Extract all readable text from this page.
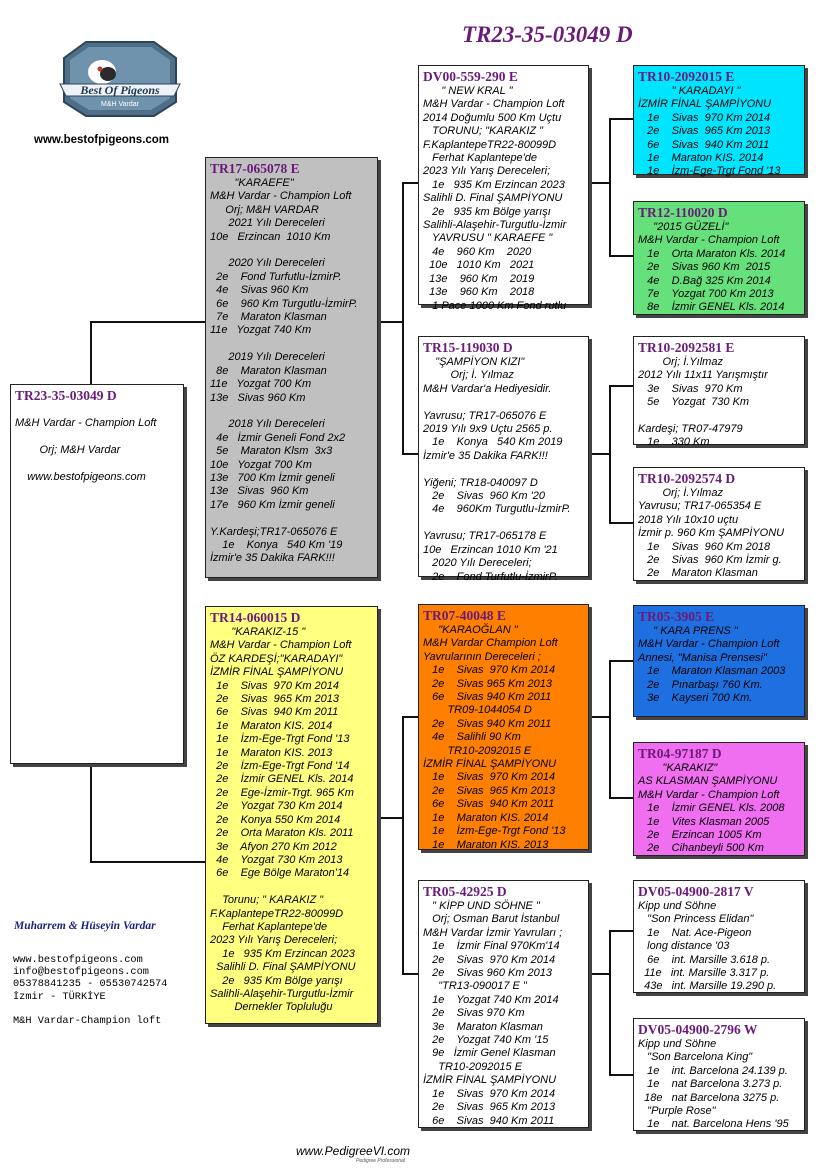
Best Of Pigeons
M&H Vardar
www.bestofpigeons.com
TR23-35-03049 D
TR23-35-03049 D

M&H Vardar - Champion Loft

Orj; M&H Vardar

www.bestofpigeons.com
TR17-065078 E
"KARAEFE"
M&H Vardar - Champion Loft
Orj; M&H VARDAR
2021 Yılı Dereceleri
10e   Erzincan  1010 Km

2020 Yılı Dereceleri
2e    Fond Turfutlu-İzmirP.
4e    Sivas 960 Km
6e    960 Km Turgutlu-İzmirP.
7e    Maraton Klasman
11e   Yozgat 740 Km

2019 Yılı Dereceleri
8e    Maraton Klasman
11e   Yozgat 700 Km
13e   Sivas 960 Km

2018 Yılı Dereceleri
4e   İzmir Geneli Fond 2x2
5e    Maraton Klsm  3x3
10e   Yozgat 700 Km
13e   700 Km İzmir geneli
13e   Sivas  960 Km
17e   960 Km İzmir geneli

Y.Kardeşi;TR17-065076 E
1e    Konya   540 Km '19
İzmir'e 35 Dakika FARK!!!
TR14-060015 D
"KARAKIZ-15 "
M&H Vardar - Champion Loft
ÖZ KARDEŞİ;"KARADAYI"
İZMİR FİNAL ŞAMPİYONU
1e    Sivas  970 Km 2014
2e    Sivas  965 Km 2013
6e    Sivas  940 Km 2011
1e    Maraton KIS. 2014
1e    İzm-Ege-Trgt Fond '13
1e    Maraton KIS. 2013
2e    İzm-Ege-Trgt Fond '14
2e    İzmir GENEL Kls. 2014
2e    Ege-İzmir-Trgt. 965 Km
2e    Yozgat 730 Km 2014
2e    Konya 550 Km 2014
2e    Orta Maraton Kls. 2011
3e    Afyon 270 Km 2012
4e    Yozgat 730 Km 2013
6e    Ege Bölge Maraton'14

Torunu; " KARAKIZ "
F.KaplantepeTR22-80099D
Ferhat Kaplantepe'de
2023 Yılı Yarış Dereceleri;
1e   935 Km Erzincan 2023
Salihli D. Final ŞAMPİYONU
2e   935 Km Bölge yarışı
Salihli-Alaşehir-Turgutlu-İzmir
Dernekler Topluluğu
DV00-559-290 E
" NEW KRAL "
M&H Vardar - Champion Loft
2014 Doğumlu 500 Km Uçtu
TORUNU; "KARAKIZ "
F.KaplantepeTR22-80099D
Ferhat Kaplantepe'de
2023 Yılı Yarış Dereceleri;
1e   935 Km Erzincan 2023
Salihli D. Final ŞAMPİYONU
2e   935 km Bölge yarışı
Salihli-Alaşehir-Turgutlu-İzmir
YAVRUSU " KARAEFE "
4e    960 Km    2020
10e   1010 Km   2021
13e    960 Km    2019
13e    960 Km    2018
1 Pace 1000 Km Fond rutlu
TR15-119030 D
"ŞAMPİYON KIZI"
Orj; İ. Yılmaz
M&H Vardar'a Hediyesidir.

Yavrusu; TR17-065076 E
2019 Yılı 9x9 Uçtu 2565 p.
1e    Konya   540 Km 2019
İzmir'e 35 Dakika FARK!!!

Yiğeni; TR18-040097 D
2e    Sivas  960 Km '20
4e    960Km Turgutlu-İzmirP.

Yavrusu; TR17-065178 E
10e   Erzincan 1010 Km '21
2020 Yılı Dereceleri;
2e    Fond Turfutlu-İzmirP.
TR07-40048 E
"KARAOĞLAN "
M&H Vardar Champion Loft
Yavrularının Dereceleri ;
1e    Sivas  970 Km 2014
2e    Sivas 965 Km 2013
6e    Sivas 940 Km 2011
TR09-1044054 D
2e    Sivas 940 Km 2011
4e    Salihli 90 Km
TR10-2092015 E
İZMİR FİNAL ŞAMPİYONU
1e    Sivas  970 Km 2014
2e    Sivas  965 Km 2013
6e    Sivas  940 Km 2011
1e    Maraton KIS. 2014
1e    İzm-Ege-Trgt Fond '13
1e    Maraton KIS. 2013
TR05-42925 D
" KİPP UND SÖHNE "
Orj; Osman Barut İstanbul
M&H Vardar İzmir Yavruları ;
1e    İzmir Final 970Km'14
2e    Sivas  970 Km 2014
2e    Sivas 960 Km 2013
"TR13-090017 E "
1e    Yozgat 740 Km 2014
2e    Sivas 970 Km
3e    Maraton Klasman
2e    Yozgat 740 Km '15
9e   İzmir Genel Klasman
TR10-2092015 E
İZMİR FİNAL ŞAMPİYONU
1e    Sivas  970 Km 2014
2e    Sivas  965 Km 2013
6e    Sivas  940 Km 2011
TR10-2092015 E
" KARADAYI "
İZMİR FİNAL ŞAMPİYONU
1e    Sivas  970 Km 2014
2e    Sivas  965 Km 2013
6e    Sivas  940 Km 2011
1e    Maraton KIS. 2014
1e    İzm-Ege-Trgt Fond '13
TR12-110020 D
"2015 GÜZELİ"
M&H Vardar - Champion Loft
1e    Orta Maraton Kls. 2014
2e    Sivas 960 Km  2015
4e    D.Bağ 325 Km 2014
7e    Yozgat 700 Km 2013
8e    İzmir GENEL Kls. 2014
TR10-2092581 E
Orj; İ.Yılmaz
2012 Yılı 11x11 Yarışmıştır
3e    Sivas  970 Km
5e    Yozgat  730 Km

Kardeşi; TR07-47979
1e    330 Km
TR10-2092574 D
Orj; İ.Yılmaz
Yavrusu; TR17-065354 E
2018 Yılı 10x10 uçtu
İzmir p. 960 Km ŞAMPİYONU
1e    Sivas  960 Km 2018
2e    Sivas  960 Km İzmir g.
2e    Maraton Klasman
TR05-3905 E
" KARA PRENS "
M&H Vardar - Champion Loft
Annesi, "Manisa Prensesi"
1e    Maraton Klasman 2003
2e    Pınarbaşı 760 Km.
3e    Kayseri 700 Km.
TR04-97187 D
"KARAKIZ"
AS KLASMAN ŞAMPİYONU
M&H Vardar - Champion Loft
1e    İzmir GENEL Kls. 2008
1e    Vites Klasman 2005
2e    Erzincan 1005 Km
2e    Cihanbeyli 500 Km
DV05-04900-2817 V
Kipp und Söhne
"Son Princess Elidan"
1e    Nat. Ace-Pigeon
long distance '03
6e    int. Marsille 3.618 p.
11e   int. Marsille 3.317 p.
43e   int. Marsille 19.290 p.
DV05-04900-2796 W
Kipp und Söhne
"Son Barcelona King"
1e    int. Barcelona 24.139 p.
1e    nat Barcelona 3.273 p.
18e   nat Barcelona 3275 p.
"Purple Rose"
1e    nat. Barcelona Hens '95
Muharrem & Hüseyin Vardar
www.bestofpigeons.com
info@bestofpigeons.com
05378841235 - 05530742574
İzmir - TÜRKİYE

M&H Vardar-Champion loft
www.PedigreeVI.com
Pedigree Professional
